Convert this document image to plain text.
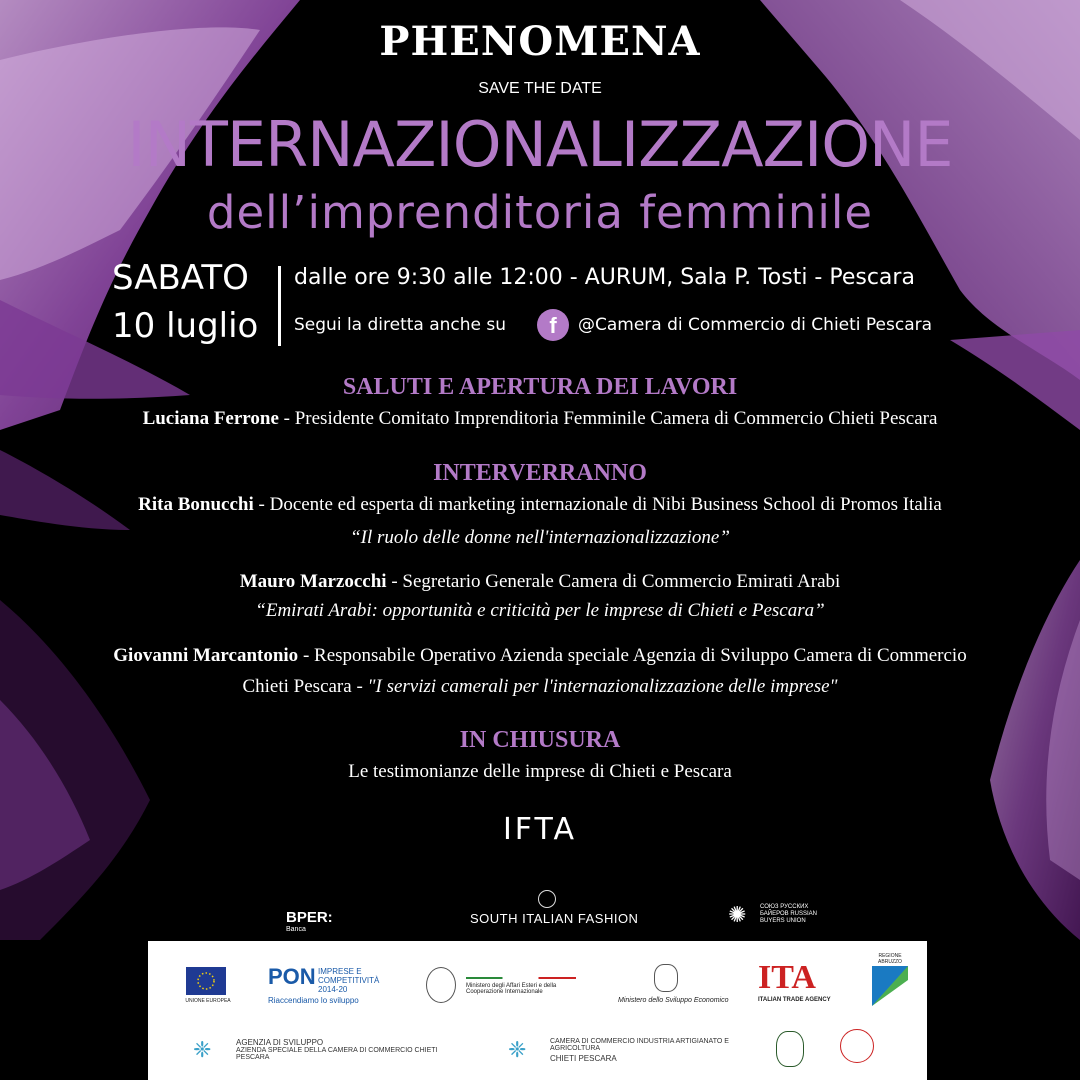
PHENOMENA
SAVE THE DATE
INTERNAZIONALIZZAZIONE
dell’imprenditoria femminile
SABATO
10 luglio
dalle ore 9:30 alle 12:00 - AURUM, Sala P. Tosti - Pescara
Segui la diretta anche su	f	@Camera di Commercio di Chieti Pescara
SALUTI E APERTURA DEI LAVORI
Luciana Ferrone - Presidente Comitato Imprenditoria Femminile Camera di Commercio Chieti Pescara
INTERVERRANNO
Rita Bonucchi - Docente ed esperta di marketing internazionale di Nibi Business School di Promos Italia
“Il ruolo delle donne nell'internazionalizzazione”
Mauro Marzocchi - Segretario Generale Camera di Commercio Emirati Arabi
“Emirati Arabi: opportunità e criticità per le imprese di Chieti e Pescara”
Giovanni Marcantonio - Responsabile Operativo Azienda speciale Agenzia di Sviluppo Camera di Commercio
Chieti Pescara - "I servizi camerali per l'internazionalizzazione delle imprese"
IN CHIUSURA
Le testimonianze delle imprese di Chieti e Pescara
IFTA
BPER:
Banca
SOUTH ITALIAN FASHION	✺ СОЮЗ РУССКИХ БАЙЕРОВ RUSSIAN BUYERS UNION
UNIONE EUROPEA
PON IMPRESE E COMPETITIVITÀ 2014-20
Riaccendiamo lo sviluppo
Ministero degli Affari Esteri e della Cooperazione Internazionale
Ministero dello Sviluppo Economico
ITA
ITALIAN TRADE AGENCY
REGIONE ABRUZZO
❈	AGENZIA DI SVILUPPO
AZIENDA SPECIALE DELLA CAMERA DI COMMERCIO CHIETI PESCARA	❈	CAMERA DI COMMERCIO INDUSTRIA ARTIGIANATO E AGRICOLTURA
CHIETI PESCARA
